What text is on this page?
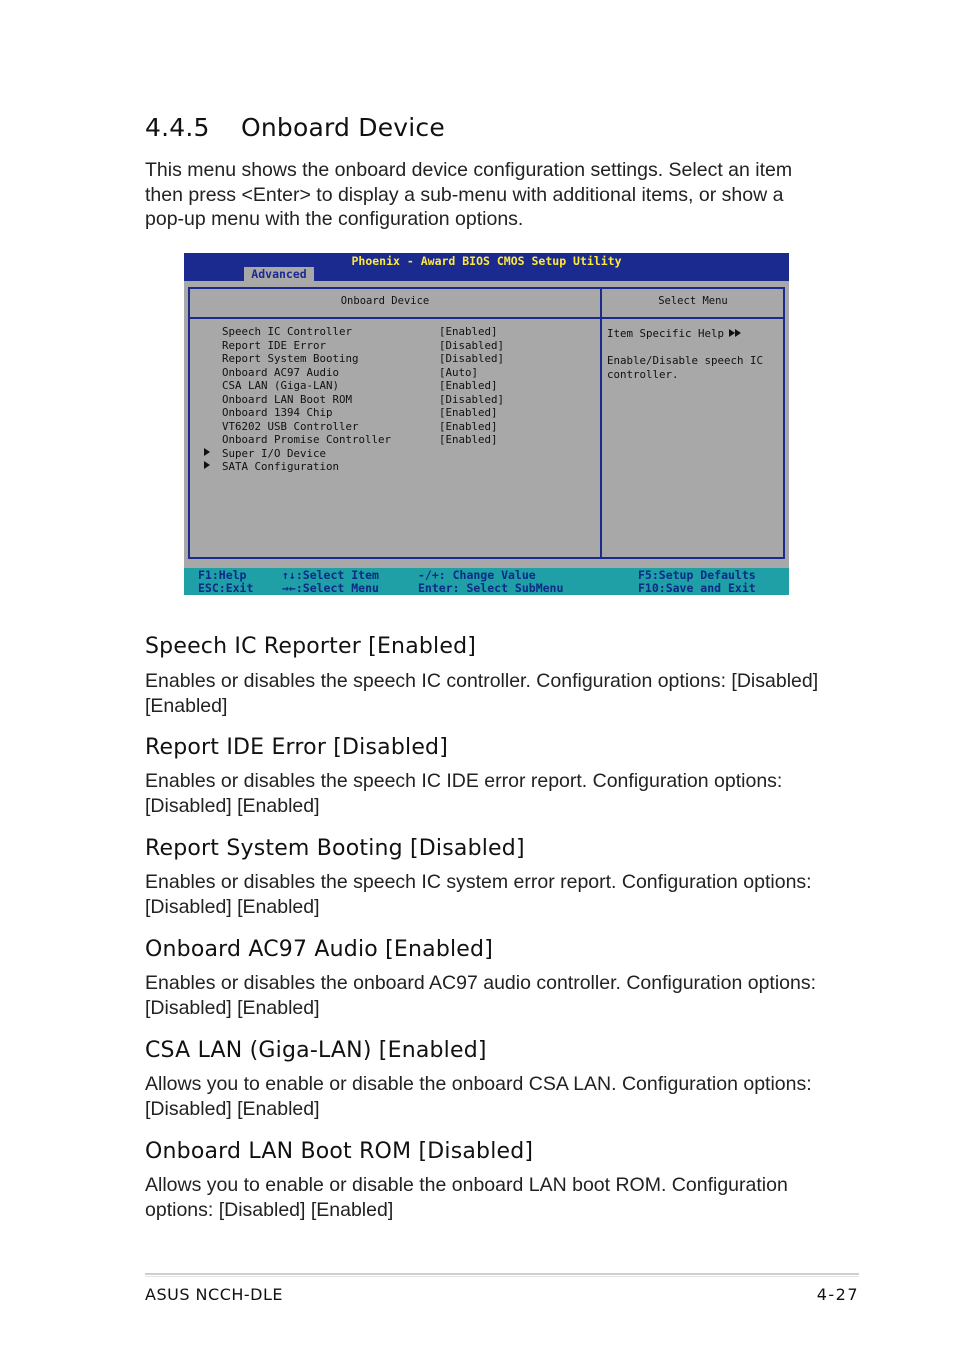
4.4.5 Onboard Device

This menu shows the onboard device configuration settings. Select an item then press <Enter> to display a sub-menu with additional items, or show a pop-up menu with the configuration options.

Phoenix - Award BIOS CMOS Setup Utility
Advanced
Onboard Device	Select Menu
Speech IC Controller	[Enabled]
Report IDE Error	[Disabled]
Report System Booting	[Disabled]
Onboard AC97 Audio	[Auto]
CSA LAN (Giga-LAN)	[Enabled]
Onboard LAN Boot ROM	[Disabled]
Onboard 1394 Chip	[Enabled]
VT6202 USB Controller	[Enabled]
Onboard Promise Controller	[Enabled]
Super I/O Device
SATA Configuration

Item Specific Help

Enable/Disable speech IC controller.

F1:Help
ESC:Exit
↑↓:Select Item
→←:Select Menu
-/+: Change Value
Enter: Select SubMenu
F5:Setup Defaults
F10:Save and Exit
Speech IC Reporter [Enabled]

Enables or disables the speech IC controller. Configuration options: [Disabled] [Enabled]

Report IDE Error [Disabled]

Enables or disables the speech IC IDE error report. Configuration options: [Disabled] [Enabled]

Report System Booting [Disabled]

Enables or disables the speech IC system error report. Configuration options: [Disabled] [Enabled]

Onboard AC97 Audio [Enabled]

Enables or disables the onboard AC97 audio controller. Configuration options: [Disabled] [Enabled]

CSA LAN (Giga-LAN) [Enabled]

Allows you to enable or disable the onboard CSA LAN. Configuration options: [Disabled] [Enabled]

Onboard LAN Boot ROM [Disabled]

Allows you to enable or disable the onboard LAN boot ROM. Configuration options: [Disabled] [Enabled]

ASUS NCCH-DLE	4-27
